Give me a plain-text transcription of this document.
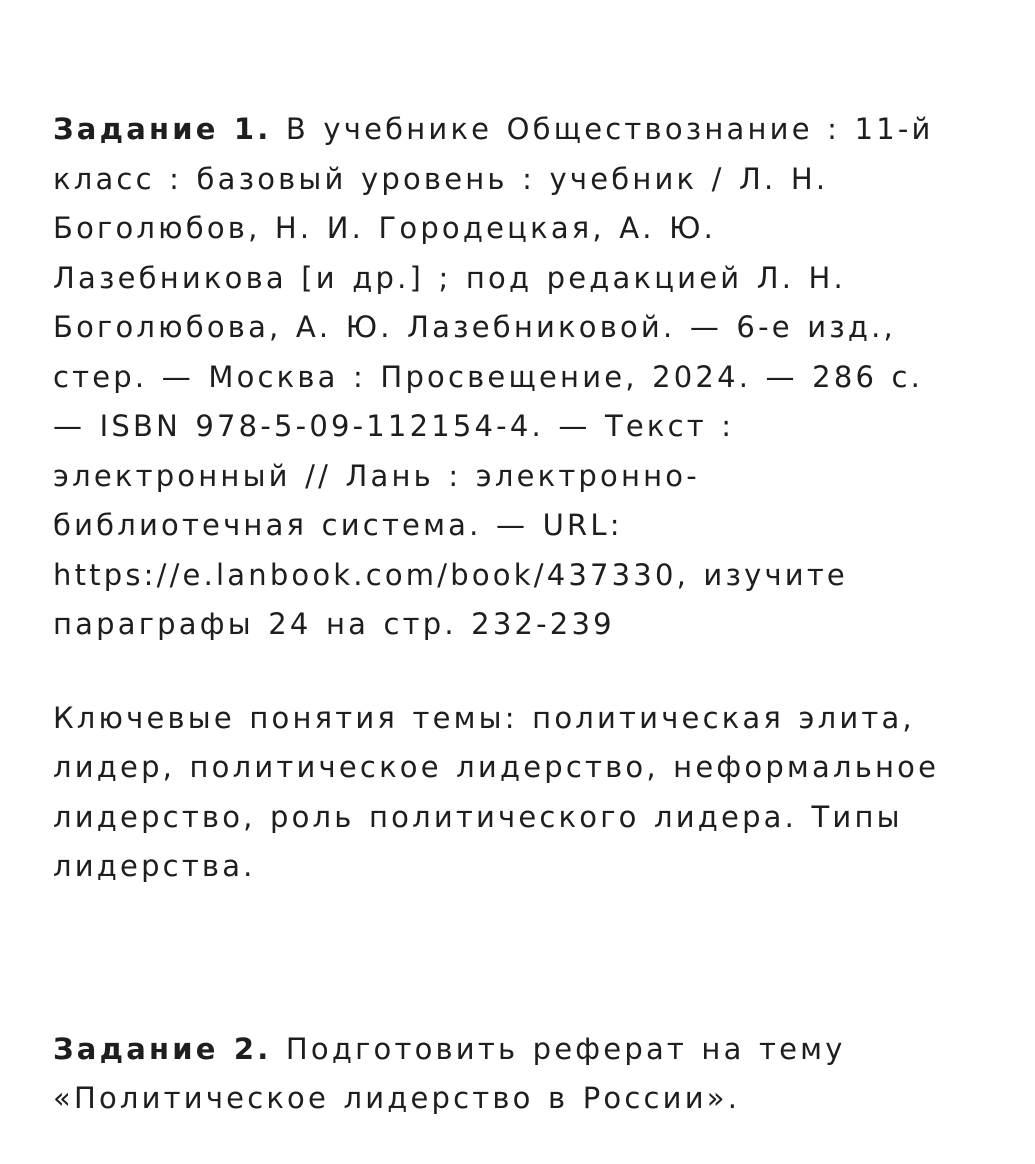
Задание 1. В учебнике Обществознание : 11-й класс : базовый уровень : учебник / Л. Н. Боголюбов, Н. И. Городецкая, А. Ю. Лазебникова [и др.] ; под редакцией Л. Н. Боголюбова, А. Ю. Лазебниковой. — 6-е изд., стер. — Москва : Просвещение, 2024. — 286 с. — ISBN 978-5-09-112154-4. — Текст : электронный // Лань : электронно-библиотечная система. — URL: https://e.lanbook.com/book/437330, изучите параграфы 24 на стр. 232-239

Ключевые понятия темы: политическая элита, лидер, политическое лидерство, неформальное лидерство, роль политического лидера. Типы лидерства.

Задание 2. Подготовить реферат на тему «Политическое лидерство в России».
